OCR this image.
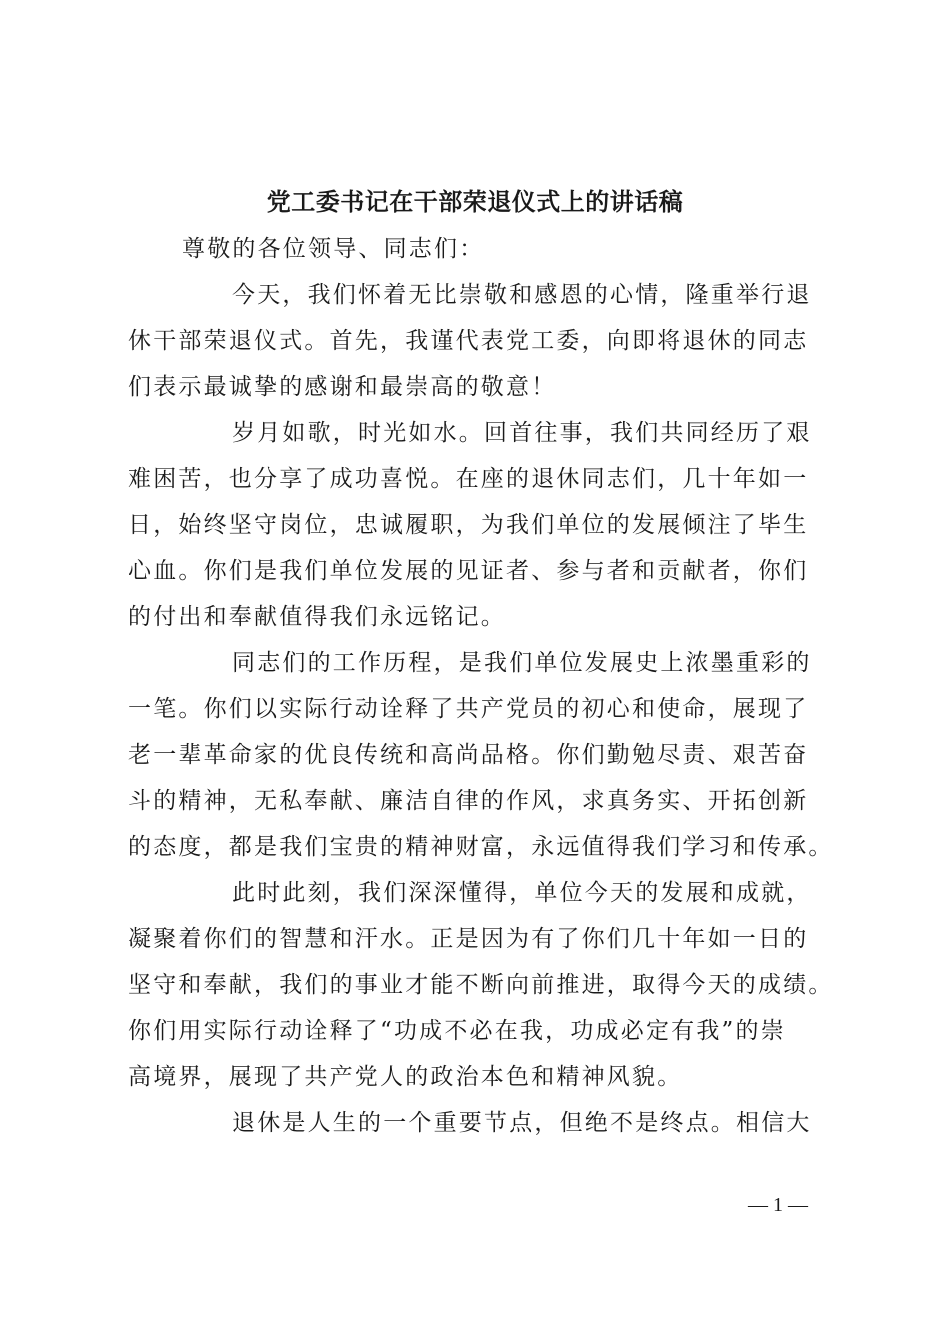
党工委书记在干部荣退仪式上的讲话稿

尊敬的各位领导、同志们：

今天，我们怀着无比崇敬和感恩的心情，隆重举行退
休干部荣退仪式。首先，我谨代表党工委，向即将退休的同志
们表示最诚挚的感谢和最崇高的敬意！
岁月如歌，时光如水。回首往事，我们共同经历了艰
难困苦，也分享了成功喜悦。在座的退休同志们，几十年如一
日，始终坚守岗位，忠诚履职，为我们单位的发展倾注了毕生
心血。你们是我们单位发展的见证者、参与者和贡献者，你们
的付出和奉献值得我们永远铭记。
同志们的工作历程，是我们单位发展史上浓墨重彩的
一笔。你们以实际行动诠释了共产党员的初心和使命，展现了
老一辈革命家的优良传统和高尚品格。你们勤勉尽责、艰苦奋
斗的精神，无私奉献、廉洁自律的作风，求真务实、开拓创新
的态度，都是我们宝贵的精神财富，永远值得我们学习和传承。
此时此刻，我们深深懂得，单位今天的发展和成就，
凝聚着你们的智慧和汗水。正是因为有了你们几十年如一日的
坚守和奉献，我们的事业才能不断向前推进，取得今天的成绩。
你们用实际行动诠释了“功成不必在我，功成必定有我”的崇
高境界，展现了共产党人的政治本色和精神风貌。
退休是人生的一个重要节点，但绝不是终点。相信大
— 1 —
